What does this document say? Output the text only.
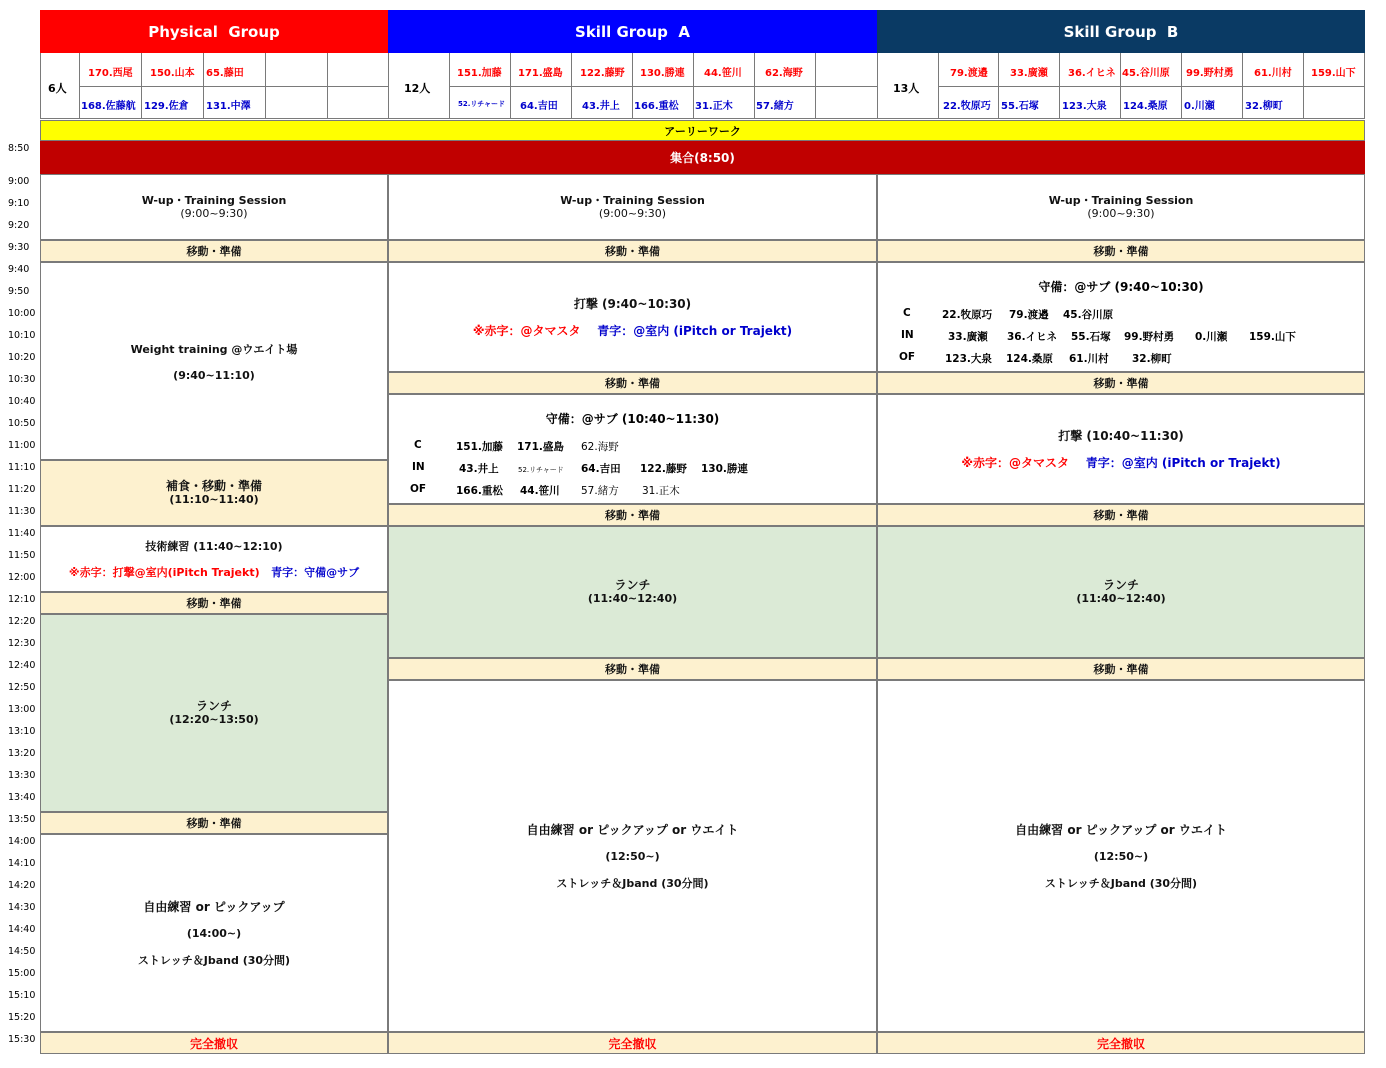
Physical  Group	Skill Group  A	Skill Group  B
6人	12人	13人
170.西尾 150.山本 65.藤田
168.佐藤航 129.佐倉 131.中澤
151.加藤 171.盛島 122.藤野 130.勝連 44.笹川 62.海野
52.リチャード 64.吉田 43.井上 166.重松 31.正木 57.緒方
79.渡邉 33.廣瀬 36.イヒネ 45.谷川原 99.野村勇 61.川村 159.山下
22.牧原巧 55.石塚 123.大泉 124.桑原 0.川瀬	32.柳町
アーリーワーク
集合(8:50)
8:50
9:00
9:10
9:20
9:30
9:40
9:50
10:00
10:10
10:20
10:30
10:40
10:50
11:00
11:10
11:20
11:30
11:40
11:50
12:00
12:10
12:20
12:30
12:40
12:50
13:00
13:10
13:20
13:30
13:40
13:50
14:00
14:10
14:20
14:30
14:40
14:50
15:00
15:10
15:20
15:30
W-up・Training Session
(9:00~9:30)
移動・準備
Weight training @ウエイト場
(9:40~11:10)
補食・移動・準備
(11:10~11:40)
技術練習 (11:40~12:10)
※赤字：打撃@室内(iPitch Trajekt) 青字：守備@サブ
移動・準備
ランチ
(12:20~13:50)
移動・準備
自由練習 or ピックアップ
(14:00~)
ストレッチ＆Jband (30分間)
完全撤収
W-up・Training Session
(9:00~9:30)
移動・準備
打撃 (9:40~10:30)
※赤字：@タマスタ 青字：@室内 (iPitch or Trajekt)
移動・準備
守備：@サブ (10:40~11:30)
C	151.加藤 171.盛島 62.海野
IN	43.井上	52.リチャード 64.吉田 122.藤野 130.勝連
OF	166.重松 44.笹川 57.緒方 31.正木
移動・準備
ランチ
(11:40~12:40)
移動・準備
自由練習 or ピックアップ or ウエイト
(12:50~)
ストレッチ＆Jband (30分間)
完全撤収
W-up・Training Session
(9:00~9:30)
移動・準備
守備：@サブ (9:40~10:30)
C	22.牧原巧 79.渡邉 45.谷川原
IN	33.廣瀬 36.イヒネ 55.石塚 99.野村勇 0.川瀬 159.山下
OF	123.大泉 124.桑原 61.川村 32.柳町
移動・準備
打撃 (10:40~11:30)
※赤字：@タマスタ 青字：@室内 (iPitch or Trajekt)
移動・準備
ランチ
(11:40~12:40)
移動・準備
自由練習 or ピックアップ or ウエイト
(12:50~)
ストレッチ＆Jband (30分間)
完全撤収
